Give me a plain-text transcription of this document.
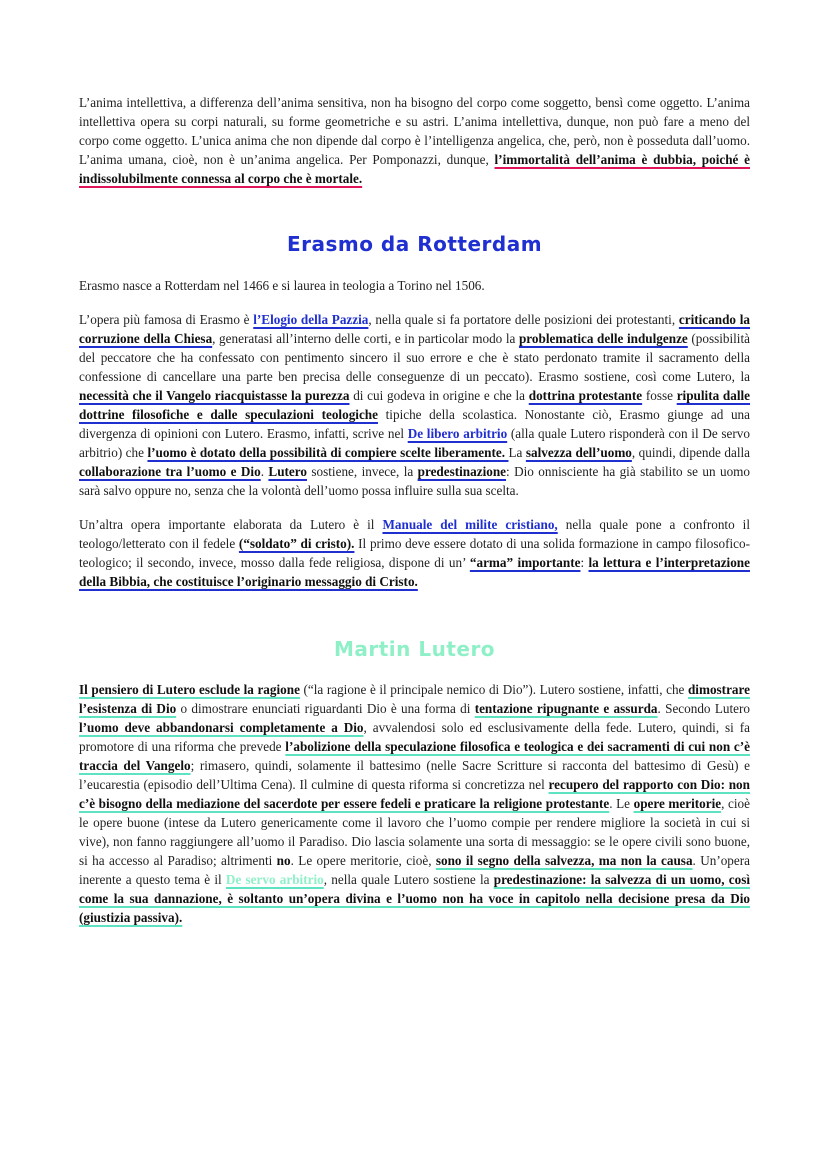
L’anima intellettiva, a differenza dell’anima sensitiva, non ha bisogno del corpo come soggetto, bensì come oggetto. L’anima intellettiva opera su corpi naturali, su forme geometriche e su astri. L’anima intellettiva, dunque, non può fare a meno del corpo come oggetto. L’unica anima che non dipende dal corpo è l’intelligenza angelica, che, però, non è posseduta dall’uomo. L’anima umana, cioè, non è un’anima angelica. Per Pomponazzi, dunque, l’immortalità dell’anima è dubbia, poiché è indissolubilmente connessa al corpo che è mortale.

Erasmo da Rotterdam

Erasmo nasce a Rotterdam nel 1466 e si laurea in teologia a Torino nel 1506.

L’opera più famosa di Erasmo è l’Elogio della Pazzia, nella quale si fa portatore delle posizioni dei protestanti, criticando la corruzione della Chiesa, generatasi all’interno delle corti, e in particolar modo la problematica delle indulgenze (possibilità del peccatore che ha confessato con pentimento sincero il suo errore e che è stato perdonato tramite il sacramento della confessione di cancellare una parte ben precisa delle conseguenze di un peccato). Erasmo sostiene, così come Lutero, la necessità che il Vangelo riacquistasse la purezza di cui godeva in origine e che la dottrina protestante fosse ripulita dalle dottrine filosofiche e dalle speculazioni teologiche tipiche della scolastica. Nonostante ciò, Erasmo giunge ad una divergenza di opinioni con Lutero. Erasmo, infatti, scrive nel De libero arbitrio (alla quale Lutero risponderà con il De servo arbitrio) che l’uomo è dotato della possibilità di compiere scelte liberamente. La salvezza dell’uomo, quindi, dipende dalla collaborazione tra l’uomo e Dio. Lutero sostiene, invece, la predestinazione: Dio onnisciente ha già stabilito se un uomo sarà salvo oppure no, senza che la volontà dell’uomo possa influire sulla sua scelta.

Un’altra opera importante elaborata da Lutero è il Manuale del milite cristiano, nella quale pone a confronto il teologo/letterato con il fedele (“soldato” di cristo). Il primo deve essere dotato di una solida formazione in campo filosofico-teologico; il secondo, invece, mosso dalla fede religiosa, dispone di un’ “arma” importante: la lettura e l’interpretazione della Bibbia, che costituisce l’originario messaggio di Cristo.

Martin Lutero

Il pensiero di Lutero esclude la ragione (“la ragione è il principale nemico di Dio”). Lutero sostiene, infatti, che dimostrare l’esistenza di Dio o dimostrare enunciati riguardanti Dio è una forma di tentazione ripugnante e assurda. Secondo Lutero l’uomo deve abbandonarsi completamente a Dio, avvalendosi solo ed esclusivamente della fede. Lutero, quindi, si fa promotore di una riforma che prevede l’abolizione della speculazione filosofica e teologica e dei sacramenti di cui non c’è traccia del Vangelo; rimasero, quindi, solamente il battesimo (nelle Sacre Scritture si racconta del battesimo di Gesù) e l’eucarestia (episodio dell’Ultima Cena). Il culmine di questa riforma si concretizza nel recupero del rapporto con Dio: non c’è bisogno della mediazione del sacerdote per essere fedeli e praticare la religione protestante. Le opere meritorie, cioè le opere buone (intese da Lutero genericamente come il lavoro che l’uomo compie per rendere migliore la società in cui si vive), non fanno raggiungere all’uomo il Paradiso. Dio lascia solamente una sorta di messaggio: se le opere civili sono buone, si ha accesso al Paradiso; altrimenti no. Le opere meritorie, cioè, sono il segno della salvezza, ma non la causa. Un’opera inerente a questo tema è il De servo arbitrio, nella quale Lutero sostiene la predestinazione: la salvezza di un uomo, così come la sua dannazione, è soltanto un’opera divina e l’uomo non ha voce in capitolo nella decisione presa da Dio (giustizia passiva).
